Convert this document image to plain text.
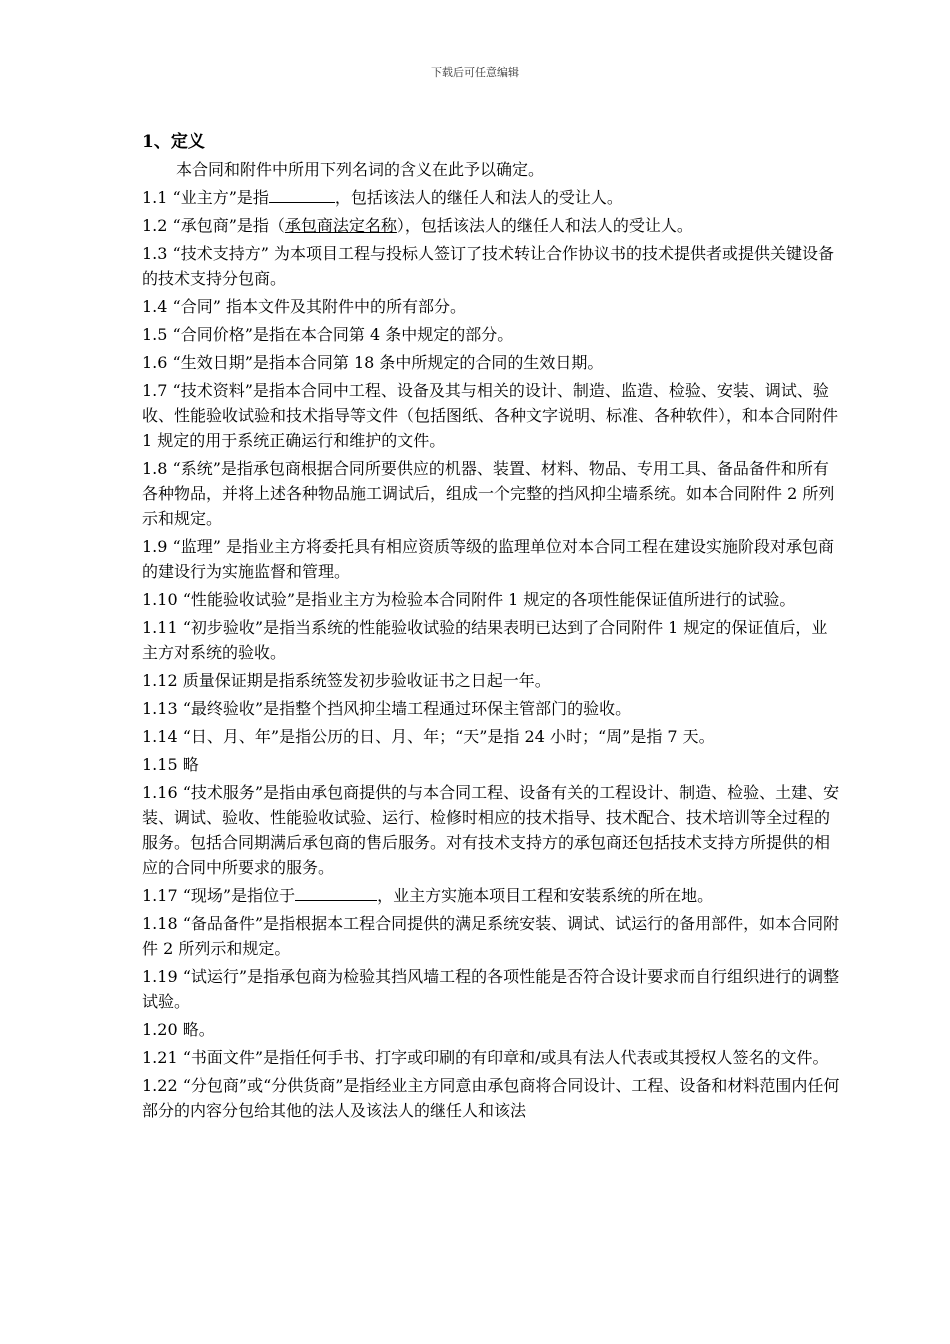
下载后可任意编辑
1、定义
本合同和附件中所用下列名词的含义在此予以确定。
1.1 “业主方”是指	，包括该法人的继任人和法人的受让人。
1.2 “承包商”是指（承包商法定名称），包括该法人的继任人和法人的受让人。
1.3 “技术支持方” 为本项目工程与投标人签订了技术转让合作协议书的技术提供者或提供关键设备的技术支持分包商。
1.4 “合同” 指本文件及其附件中的所有部分。
1.5 “合同价格”是指在本合同第 4 条中规定的部分。
1.6 “生效日期”是指本合同第 18 条中所规定的合同的生效日期。
1.7 “技术资料”是指本合同中工程、设备及其与相关的设计、制造、监造、检验、安装、调试、验收、性能验收试验和技术指导等文件（包括图纸、各种文字说明、标准、各种软件），和本合同附件 1 规定的用于系统正确运行和维护的文件。
1.8 “系统”是指承包商根据合同所要供应的机器、装置、材料、物品、专用工具、备品备件和所有各种物品，并将上述各种物品施工调试后，组成一个完整的挡风抑尘墙系统。如本合同附件 2 所列示和规定。
1.9 “监理” 是指业主方将委托具有相应资质等级的监理单位对本合同工程在建设实施阶段对承包商的建设行为实施监督和管理。
1.10 “性能验收试验”是指业主方为检验本合同附件 1 规定的各项性能保证值所进行的试验。
1.11 “初步验收”是指当系统的性能验收试验的结果表明已达到了合同附件 1 规定的保证值后，业主方对系统的验收。
1.12 质量保证期是指系统签发初步验收证书之日起一年。
1.13 “最终验收”是指整个挡风抑尘墙工程通过环保主管部门的验收。
1.14 “日、月、年”是指公历的日、月、年；“天”是指 24 小时；“周”是指 7 天。
1.15 略
1.16 “技术服务”是指由承包商提供的与本合同工程、设备有关的工程设计、制造、检验、土建、安装、调试、验收、性能验收试验、运行、检修时相应的技术指导、技术配合、技术培训等全过程的服务。包括合同期满后承包商的售后服务。对有技术支持方的承包商还包括技术支持方所提供的相应的合同中所要求的服务。
1.17 “现场”是指位于	，业主方实施本项目工程和安装系统的所在地。
1.18 “备品备件”是指根据本工程合同提供的满足系统安装、调试、试运行的备用部件，如本合同附件 2 所列示和规定。
1.19 “试运行”是指承包商为检验其挡风墙工程的各项性能是否符合设计要求而自行组织进行的调整试验。
1.20 略。
1.21 “书面文件”是指任何手书、打字或印刷的有印章和/或具有法人代表或其授权人签名的文件。
1.22 “分包商”或“分供货商”是指经业主方同意由承包商将合同设计、工程、设备和材料范围内任何部分的内容分包给其他的法人及该法人的继任人和该法
